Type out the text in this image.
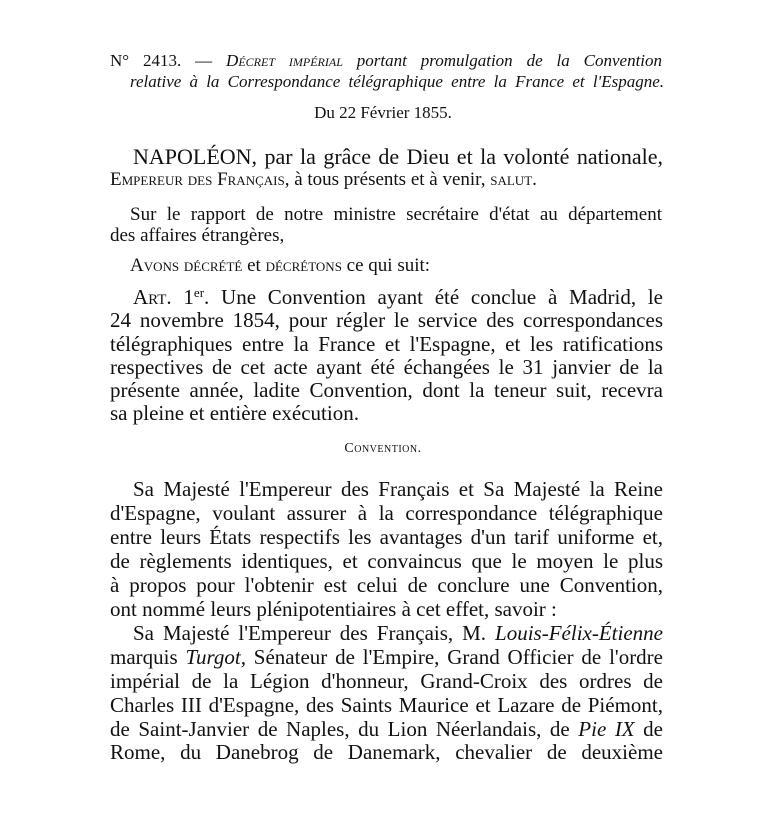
N° 2413. — Décret impérial portant promulgation de la Convention
relative à la Correspondance télégraphique entre la France et l'Espagne.
Du 22 Février 1855.
NAPOLÉON, par la grâce de Dieu et la volonté nationale,
Empereur des Français, à tous présents et à venir, salut.
Sur le rapport de notre ministre secrétaire d'état au département
des affaires étrangères,
Avons décrété et décrétons ce qui suit:
Art. 1er. Une Convention ayant été conclue à Madrid, le
24 novembre 1854, pour régler le service des correspondances
télégraphiques entre la France et l'Espagne, et les ratifications
respectives de cet acte ayant été échangées le 31 janvier de la
présente année, ladite Convention, dont la teneur suit, recevra
sa pleine et entière exécution.
Convention.
Sa Majesté l'Empereur des Français et Sa Majesté la Reine
d'Espagne, voulant assurer à la correspondance télégraphique
entre leurs États respectifs les avantages d'un tarif uniforme et,
de règlements identiques, et convaincus que le moyen le plus
à propos pour l'obtenir est celui de conclure une Convention,
ont nommé leurs plénipotentiaires à cet effet, savoir :
Sa Majesté l'Empereur des Français, M. Louis-Félix-Étienne
marquis Turgot, Sénateur de l'Empire, Grand Officier de l'ordre
impérial de la Légion d'honneur, Grand-Croix des ordres de
Charles III d'Espagne, des Saints Maurice et Lazare de Piémont,
de Saint-Janvier de Naples, du Lion Néerlandais, de Pie IX de
Rome, du Danebrog de Danemark, chevalier de deuxième
